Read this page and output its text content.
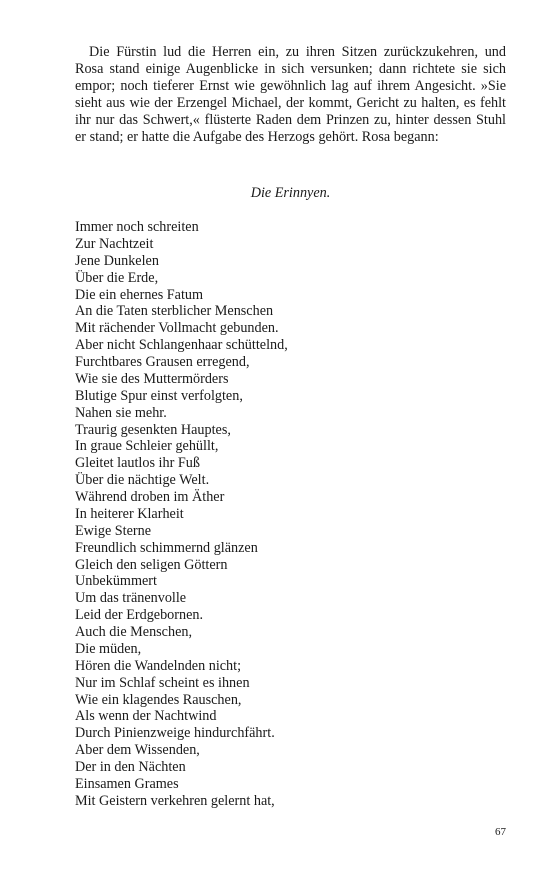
Die Fürstin lud die Herren ein, zu ihren Sitzen zurückzukehren, und Rosa stand einige Augenblicke in sich versunken; dann richtete sie sich empor; noch tieferer Ernst wie gewöhnlich lag auf ihrem Angesicht. »Sie sieht aus wie der Erzengel Michael, der kommt, Gericht zu halten, es fehlt ihr nur das Schwert,« flüsterte Raden dem Prinzen zu, hinter dessen Stuhl er stand; er hatte die Aufgabe des Herzogs gehört. Rosa begann:

Die Erinnyen.
Immer noch schreiten
Zur Nachtzeit
Jene Dunkelen
Über die Erde,
Die ein ehernes Fatum
An die Taten sterblicher Menschen
Mit rächender Vollmacht gebunden.
Aber nicht Schlangenhaar schüttelnd,
Furchtbares Grausen erregend,
Wie sie des Muttermörders
Blutige Spur einst verfolgten,
Nahen sie mehr.
Traurig gesenkten Hauptes,
In graue Schleier gehüllt,
Gleitet lautlos ihr Fuß
Über die nächtige Welt.
Während droben im Äther
In heiterer Klarheit
Ewige Sterne
Freundlich schimmernd glänzen
Gleich den seligen Göttern
Unbekümmert
Um das tränenvolle
Leid der Erdgebornen.
Auch die Menschen,
Die müden,
Hören die Wandelnden nicht;
Nur im Schlaf scheint es ihnen
Wie ein klagendes Rauschen,
Als wenn der Nachtwind
Durch Pinienzweige hindurchfährt.
Aber dem Wissenden,
Der in den Nächten
Einsamen Grames
Mit Geistern verkehren gelernt hat,
67
